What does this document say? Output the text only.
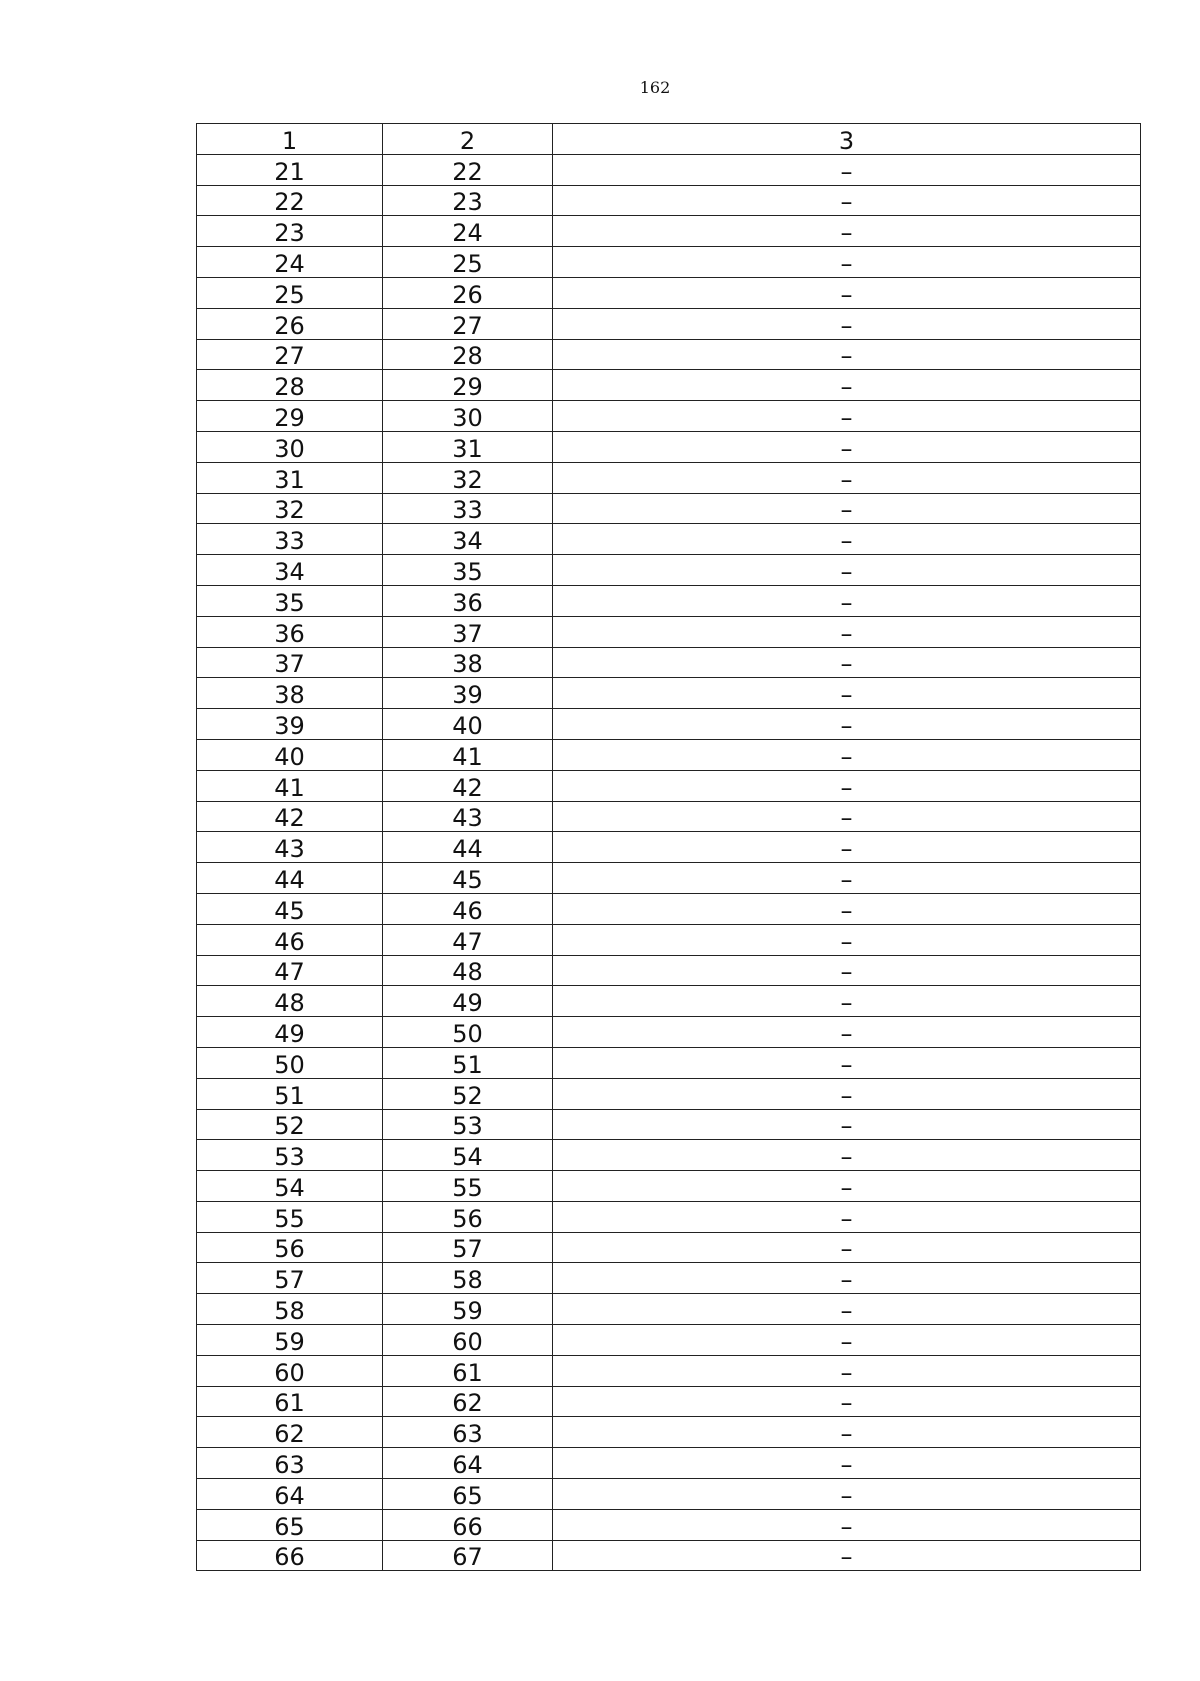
162
1	2	3
21	22	–
22	23	–
23	24	–
24	25	–
25	26	–
26	27	–
27	28	–
28	29	–
29	30	–
30	31	–
31	32	–
32	33	–
33	34	–
34	35	–
35	36	–
36	37	–
37	38	–
38	39	–
39	40	–
40	41	–
41	42	–
42	43	–
43	44	–
44	45	–
45	46	–
46	47	–
47	48	–
48	49	–
49	50	–
50	51	–
51	52	–
52	53	–
53	54	–
54	55	–
55	56	–
56	57	–
57	58	–
58	59	–
59	60	–
60	61	–
61	62	–
62	63	–
63	64	–
64	65	–
65	66	–
66	67	–
